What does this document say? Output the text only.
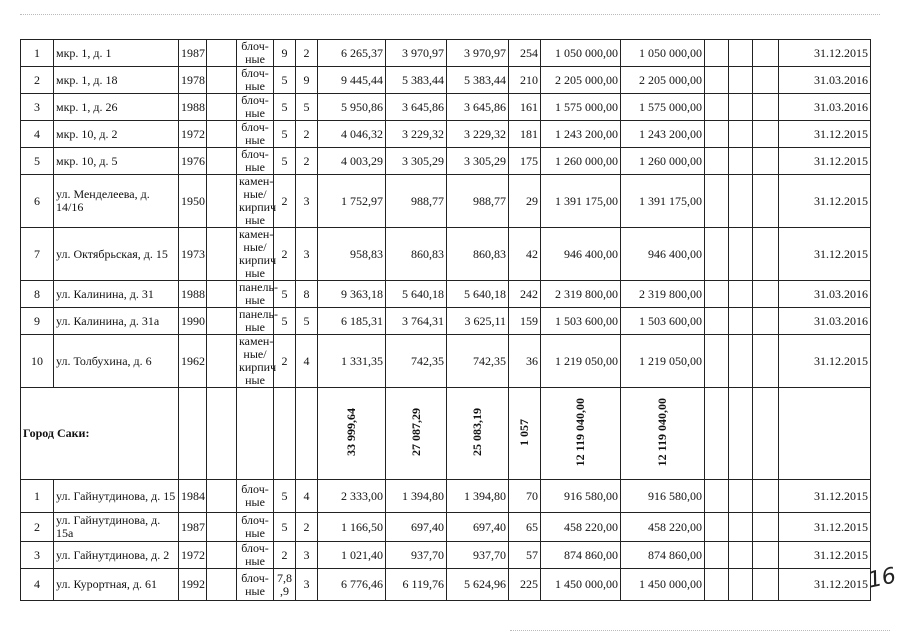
1	мкр. 1, д. 1	1987		блоч- ные	9	2	6 265,37	3 970,97	3 970,97	254	1 050 000,00	1 050 000,00				31.12.2015
2	мкр. 1, д. 18	1978		блоч- ные	5	9	9 445,44	5 383,44	5 383,44	210	2 205 000,00	2 205 000,00				31.03.2016
3	мкр. 1, д. 26	1988		блоч- ные	5	5	5 950,86	3 645,86	3 645,86	161	1 575 000,00	1 575 000,00				31.03.2016
4	мкр. 10, д. 2	1972		блоч- ные	5	2	4 046,32	3 229,32	3 229,32	181	1 243 200,00	1 243 200,00				31.12.2015
5	мкр. 10, д. 5	1976		блоч- ные	5	2	4 003,29	3 305,29	3 305,29	175	1 260 000,00	1 260 000,00				31.12.2015
6	ул. Менделеева, д. 14/16	1950		камен- ные/ кирпич ные	2	3	1 752,97	988,77	988,77	29	1 391 175,00	1 391 175,00				31.12.2015
7	ул. Октябрьская, д. 15	1973		камен- ные/ кирпич ные	2	3	958,83	860,83	860,83	42	946 400,00	946 400,00				31.12.2015
8	ул. Калинина, д. 31	1988		панель- ные	5	8	9 363,18	5 640,18	5 640,18	242	2 319 800,00	2 319 800,00				31.03.2016
9	ул. Калинина, д. 31а	1990		панель- ные	5	5	6 185,31	3 764,31	3 625,11	159	1 503 600,00	1 503 600,00				31.03.2016
10	ул. Толбухина, д. 6	1962		камен- ные/ кирпич ные	2	4	1 331,35	742,35	742,35	36	1 219 050,00	1 219 050,00				31.12.2015
Город Саки:							33 999,64	27 087,29	25 083,19	1 057	12 119 040,00	12 119 040,00				
1	ул. Гайнутдинова, д. 15	1984		блоч- ные	5	4	2 333,00	1 394,80	1 394,80	70	916 580,00	916 580,00				31.12.2015
2	ул. Гайнутдинова, д. 15а	1987		блоч- ные	5	2	1 166,50	697,40	697,40	65	458 220,00	458 220,00				31.12.2015
3	ул. Гайнутдинова, д. 2	1972		блоч- ные	2	3	1 021,40	937,70	937,70	57	874 860,00	874 860,00				31.12.2015
4	ул. Курортная, д. 61	1992		блоч- ные	7,8 ,9	3	6 776,46	6 119,76	5 624,96	225	1 450 000,00	1 450 000,00				31.12.2015
16
